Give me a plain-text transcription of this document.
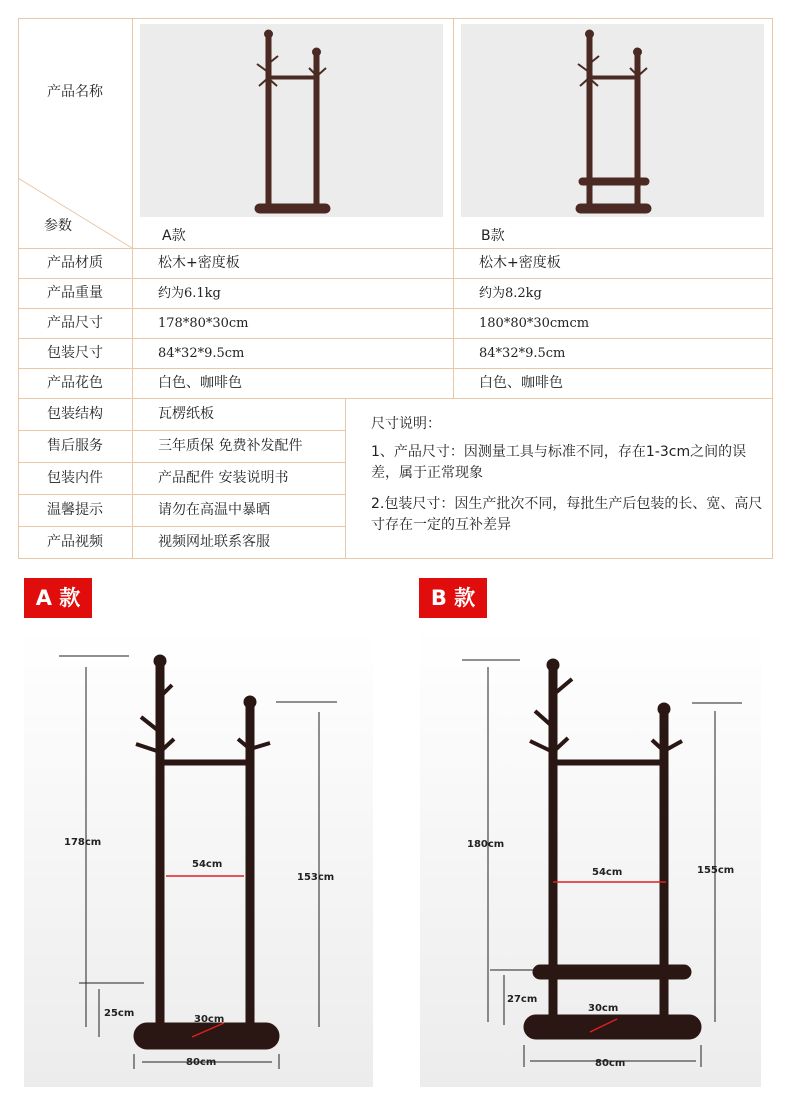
产品名称
参数
A款	B款
产品材质	松木+密度板	松木+密度板
产品重量	约为6.1kg	约为8.2kg
产品尺寸	178*80*30cm	180*80*30cmcm
包装尺寸	84*32*9.5cm	84*32*9.5cm
产品花色	白色、咖啡色	白色、咖啡色
包装结构	瓦楞纸板
售后服务	三年质保 免费补发配件
包装内件	产品配件 安装说明书
温馨提示	请勿在高温中暴晒
产品视频	视频网址联系客服
尺寸说明：
1、产品尺寸：因测量工具与标准不同，存在1-3cm之间的误差，属于正常现象
2.包装尺寸：因生产批次不同，每批生产后包装的长、宽、高尺寸存在一定的互补差异
A 款	B 款
178cm
54cm
153cm
25cm
30cm
80cm
180cm
54cm	155cm
27cm
30cm
80cm
